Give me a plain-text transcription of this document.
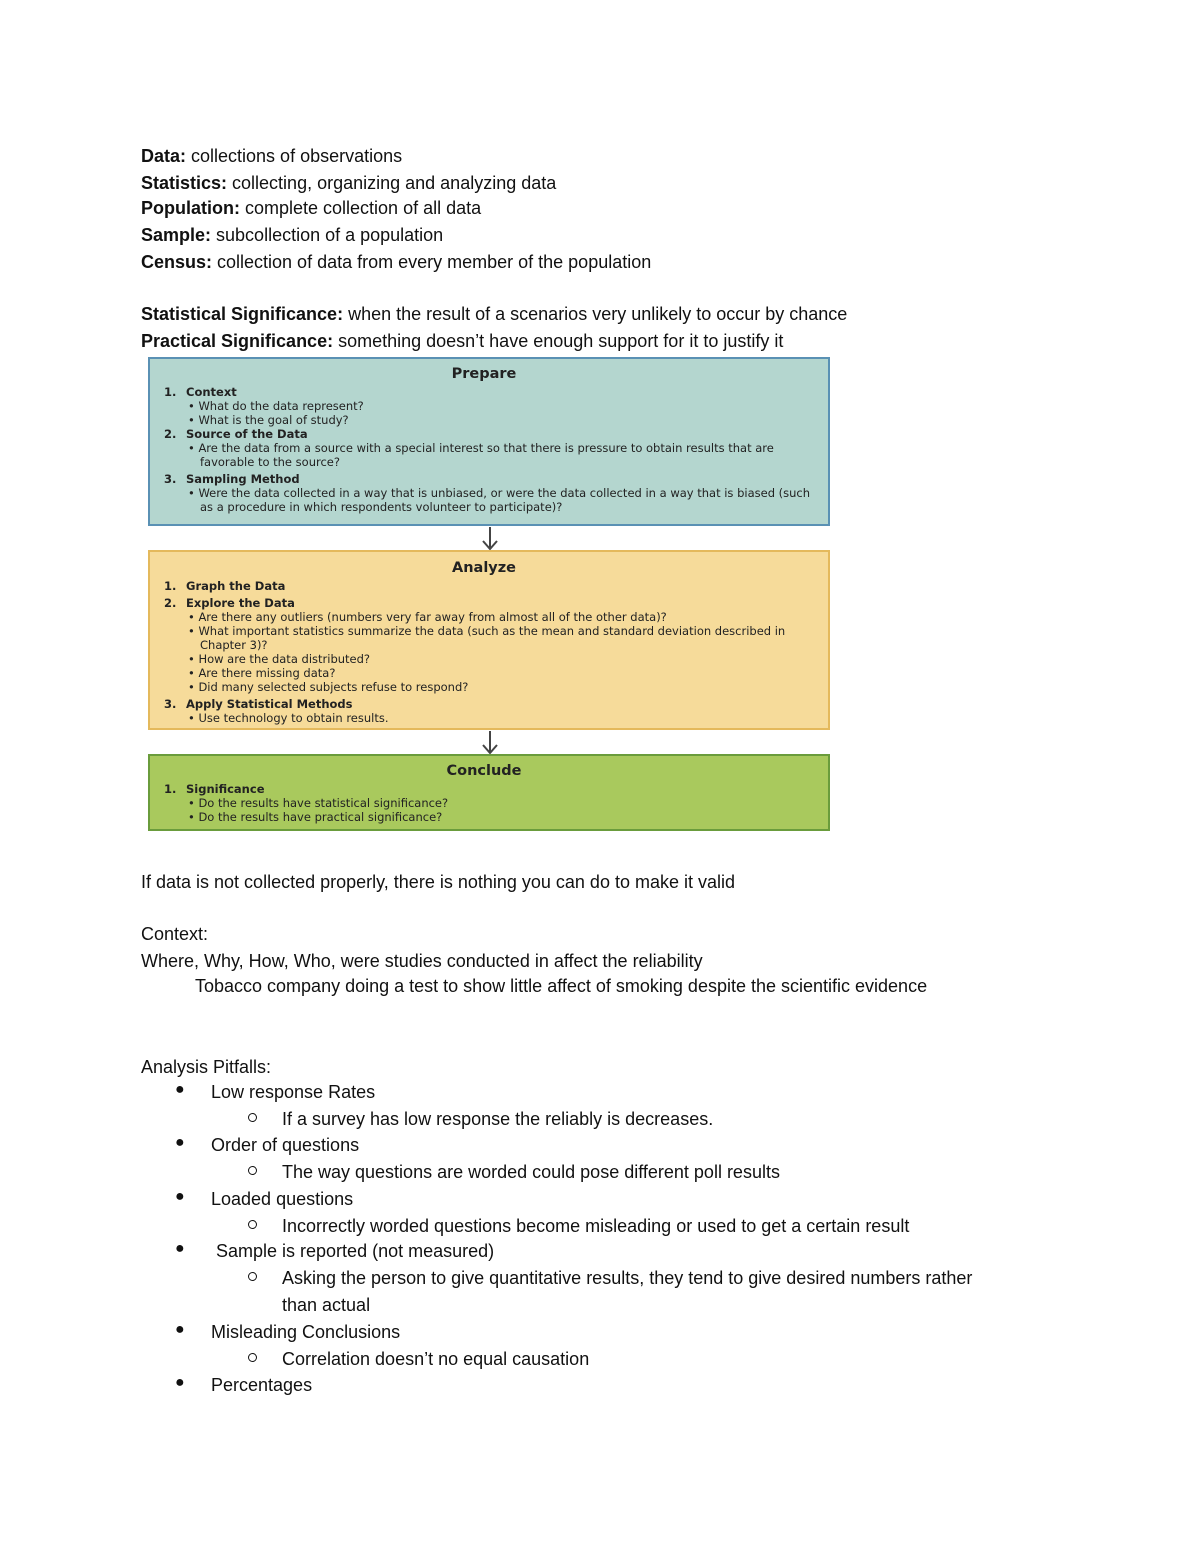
Data: collections of observations
Statistics: collecting, organizing and analyzing data
Population: complete collection of all data
Sample: subcollection of a population
Census: collection of data from every member of the population
Statistical Significance: when the result of a scenarios very unlikely to occur by chance
Practical Significance: something doesn’t have enough support for it to justify it
Prepare
1. Context
• What do the data represent?
• What is the goal of study?
2. Source of the Data
• Are the data from a source with a special interest so that there is pressure to obtain results that are favorable to the source?
3. Sampling Method
• Were the data collected in a way that is unbiased, or were the data collected in a way that is biased (such as a procedure in which respondents volunteer to participate)?
Analyze
1. Graph the Data
2. Explore the Data
• Are there any outliers (numbers very far away from almost all of the other data)?
• What important statistics summarize the data (such as the mean and standard deviation described in Chapter 3)?
• How are the data distributed?
• Are there missing data?
• Did many selected subjects refuse to respond?
3. Apply Statistical Methods
• Use technology to obtain results.
Conclude
1. Significance
• Do the results have statistical significance?
• Do the results have practical significance?
If data is not collected properly, there is nothing you can do to make it valid
Context:
Where, Why, How, Who, were studies conducted in affect the reliability
Tobacco company doing a test to show little affect of smoking despite the scientific evidence
Analysis Pitfalls:
● Low response Rates
If a survey has low response the reliably is decreases.
● Order of questions
The way questions are worded could pose different poll results
● Loaded questions
Incorrectly worded questions become misleading or used to get a certain result
● Sample is reported (not measured)
Asking the person to give quantitative results, they tend to give desired numbers rather
than actual
● Misleading Conclusions
Correlation doesn’t no equal causation
● Percentages
